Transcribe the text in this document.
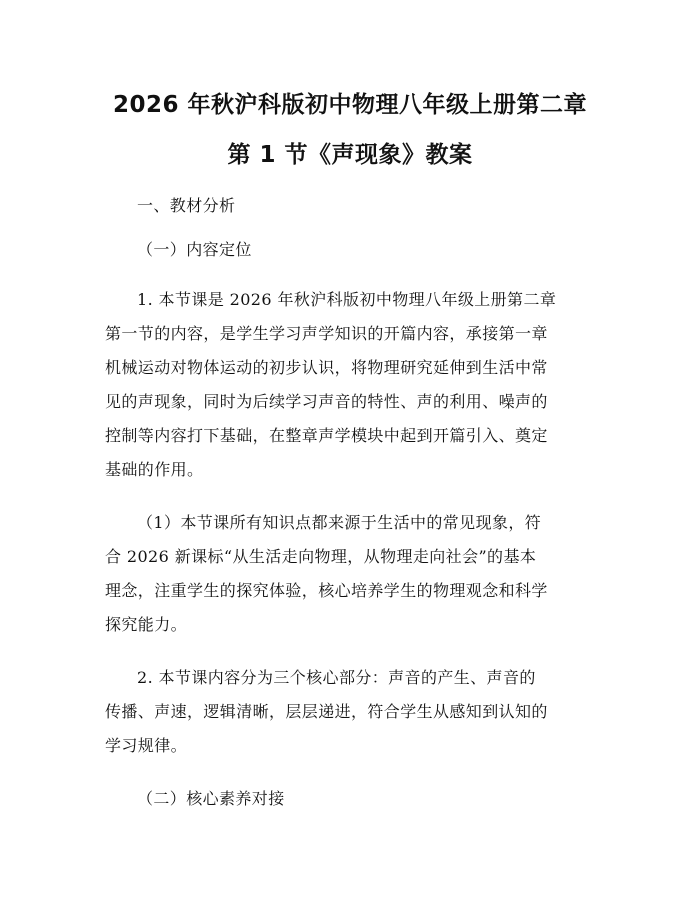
2026 年秋沪科版初中物理八年级上册第二章
第 1 节《声现象》教案
一、教材分析
（一）内容定位
1. 本节课是 2026 年秋沪科版初中物理八年级上册第二章
第一节的内容，是学生学习声学知识的开篇内容，承接第一章
机械运动对物体运动的初步认识，将物理研究延伸到生活中常
见的声现象，同时为后续学习声音的特性、声的利用、噪声的
控制等内容打下基础，在整章声学模块中起到开篇引入、奠定
基础的作用。
（1）本节课所有知识点都来源于生活中的常见现象，符
合 2026 新课标“从生活走向物理，从物理走向社会”的基本
理念，注重学生的探究体验，核心培养学生的物理观念和科学
探究能力。
2. 本节课内容分为三个核心部分：声音的产生、声音的
传播、声速，逻辑清晰，层层递进，符合学生从感知到认知的
学习规律。
（二）核心素养对接
